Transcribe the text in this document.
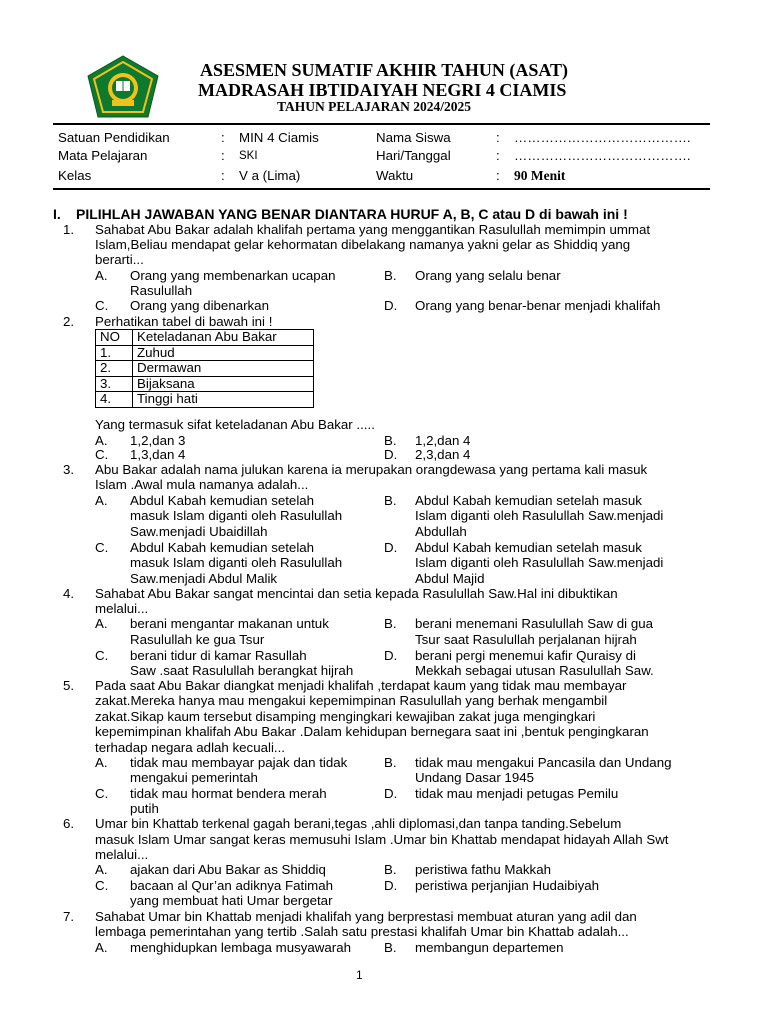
ASESMEN SUMATIF AKHIR TAHUN (ASAT)
MADRASAH IBTIDAIYAH NEGRI 4 CIAMIS
TAHUN PELAJARAN 2024/2025
Satuan Pendidikan	: MIN 4 Ciamis
Mata Pelajaran	: SKI
Kelas	: V a (Lima)
Nama Siswa	: ………………………………….
Hari/Tanggal	: ………………………………….
Waktu	: 90 Menit
I. PILIHLAH JAWABAN YANG BENAR DIANTARA HURUF A, B, C atau D di bawah ini !
1. Sahabat Abu Bakar adalah khalifah pertama yang menggantikan Rasulullah memimpin ummat
Islam,Beliau mendapat gelar kehormatan dibelakang namanya yakni gelar as Shiddiq yang
berarti...
A. Orang yang membenarkan ucapan
Rasulullah
B. Orang yang selalu benar
C. Orang yang dibenarkan	D. Orang yang benar-benar menjadi khalifah
2. Perhatikan tabel di bawah ini !
NO	Keteladanan Abu Bakar
1.	Zuhud
2.	Dermawan
3.	Bijaksana
4.	Tinggi hati
Yang termasuk sifat keteladanan Abu Bakar .....
A. 1,2,dan 3	B. 1,2,dan 4
C. 1,3,dan 4	D. 2,3,dan 4
3. Abu Bakar adalah nama julukan karena ia merupakan orangdewasa yang pertama kali masuk
Islam .Awal mula namanya adalah...
A. Abdul Kabah kemudian setelah
masuk Islam diganti oleh Rasulullah
Saw.menjadi Ubaidillah
B. Abdul Kabah kemudian setelah masuk
Islam diganti oleh Rasulullah Saw.menjadi
Abdullah
C. Abdul Kabah kemudian setelah
masuk Islam diganti oleh Rasulullah
Saw.menjadi Abdul Malik
D. Abdul Kabah kemudian setelah masuk
Islam diganti oleh Rasulullah Saw.menjadi
Abdul Majid
4. Sahabat Abu Bakar sangat mencintai dan setia kepada Rasulullah Saw.Hal ini dibuktikan
melalui...
A. berani mengantar makanan untuk
Rasulullah ke gua Tsur
B. berani menemani Rasulullah Saw di gua
Tsur saat Rasulullah perjalanan hijrah
C. berani tidur di kamar Rasullah
Saw .saat Rasulullah berangkat hijrah
D. berani pergi menemui kafir Quraisy di
Mekkah sebagai utusan Rasulullah Saw.
5. Pada saat Abu Bakar diangkat menjadi khalifah ,terdapat kaum yang tidak mau membayar
zakat.Mereka hanya mau mengakui kepemimpinan Rasulullah yang berhak mengambil
zakat.Sikap kaum tersebut disamping mengingkari kewajiban zakat juga mengingkari
kepemimpinan khalifah Abu Bakar .Dalam kehidupan bernegara saat ini ,bentuk pengingkaran
terhadap negara adlah kecuali...
A. tidak mau membayar pajak dan tidak
mengakui pemerintah
B. tidak mau mengakui Pancasila dan Undang
Undang Dasar 1945
C. tidak mau hormat bendera merah
putih
D. tidak mau menjadi petugas Pemilu
6. Umar bin Khattab terkenal gagah berani,tegas ,ahli diplomasi,dan tanpa tanding.Sebelum
masuk Islam Umar sangat keras memusuhi Islam .Umar bin Khattab mendapat hidayah Allah Swt
melalui...
A. ajakan dari Abu Bakar as Shiddiq	B. peristiwa fathu Makkah
C. bacaan al Qur’an adiknya Fatimah
yang membuat hati Umar bergetar
D. peristiwa perjanjian Hudaibiyah
7. Sahabat Umar bin Khattab menjadi khalifah yang berprestasi membuat aturan yang adil dan
lembaga pemerintahan yang tertib .Salah satu prestasi khalifah Umar bin Khattab adalah...
A. menghidupkan lembaga musyawarah B. membangun departemen
1
